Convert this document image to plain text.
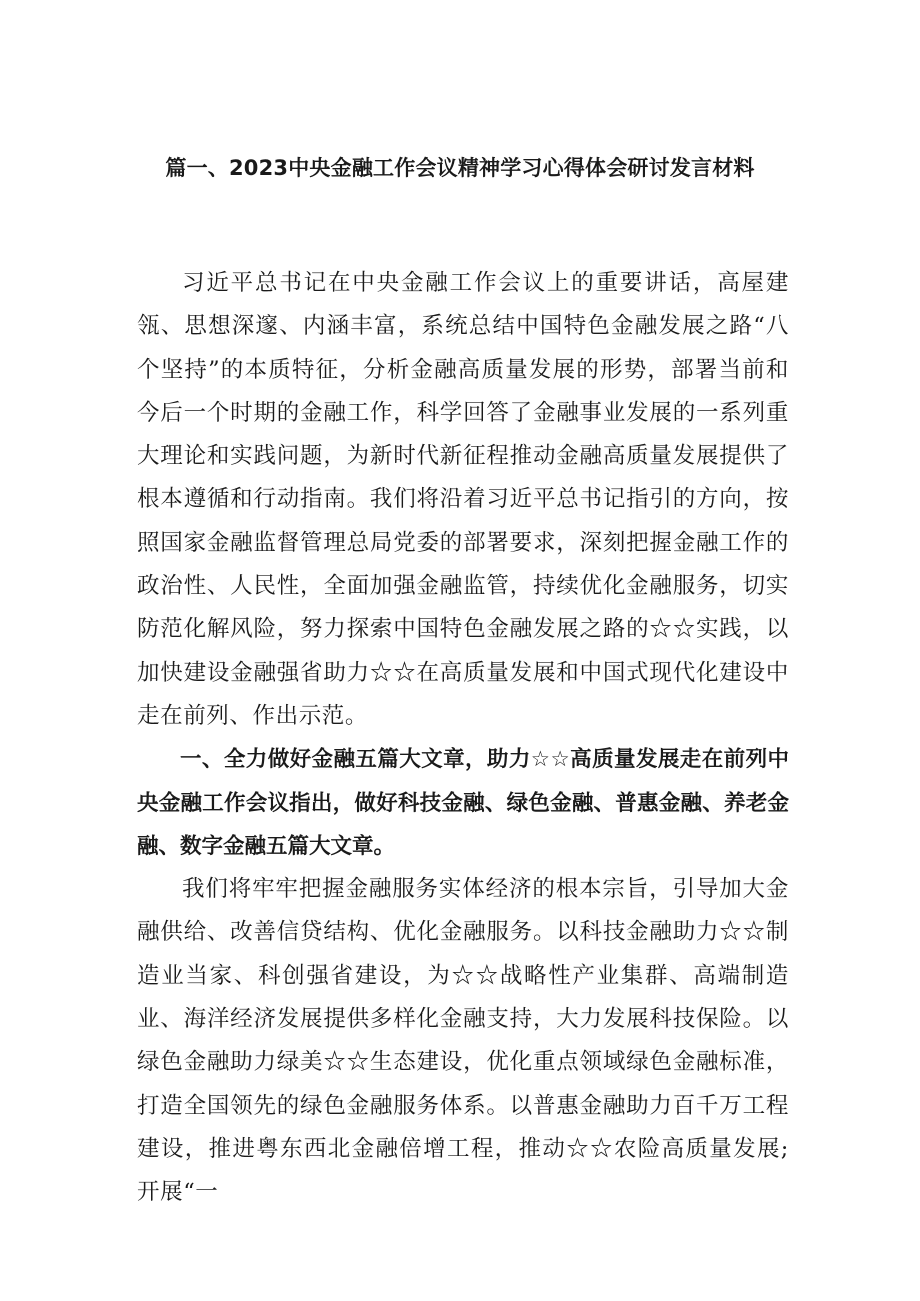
篇一、2023中央金融工作会议精神学习心得体会研讨发言材料

习近平总书记在中央金融工作会议上的重要讲话，高屋建瓴、思想深邃、内涵丰富，系统总结中国特色金融发展之路“八个坚持”的本质特征，分析金融高质量发展的形势，部署当前和今后一个时期的金融工作，科学回答了金融事业发展的一系列重大理论和实践问题，为新时代新征程推动金融高质量发展提供了根本遵循和行动指南。我们将沿着习近平总书记指引的方向，按照国家金融监督管理总局党委的部署要求，深刻把握金融工作的政治性、人民性，全面加强金融监管，持续优化金融服务，切实防范化解风险，努力探索中国特色金融发展之路的☆☆实践，以加快建设金融强省助力☆☆在高质量发展和中国式现代化建设中走在前列、作出示范。

一、全力做好金融五篇大文章，助力☆☆高质量发展走在前列中央金融工作会议指出，做好科技金融、绿色金融、普惠金融、养老金融、数字金融五篇大文章。

我们将牢牢把握金融服务实体经济的根本宗旨，引导加大金融供给、改善信贷结构、优化金融服务。以科技金融助力☆☆制造业当家、科创强省建设，为☆☆战略性产业集群、高端制造业、海洋经济发展提供多样化金融支持，大力发展科技保险。以绿色金融助力绿美☆☆生态建设，优化重点领域绿色金融标准，打造全国领先的绿色金融服务体系。以普惠金融助力百千万工程建设，推进粤东西北金融倍增工程，推动☆☆农险高质量发展;开展“一
